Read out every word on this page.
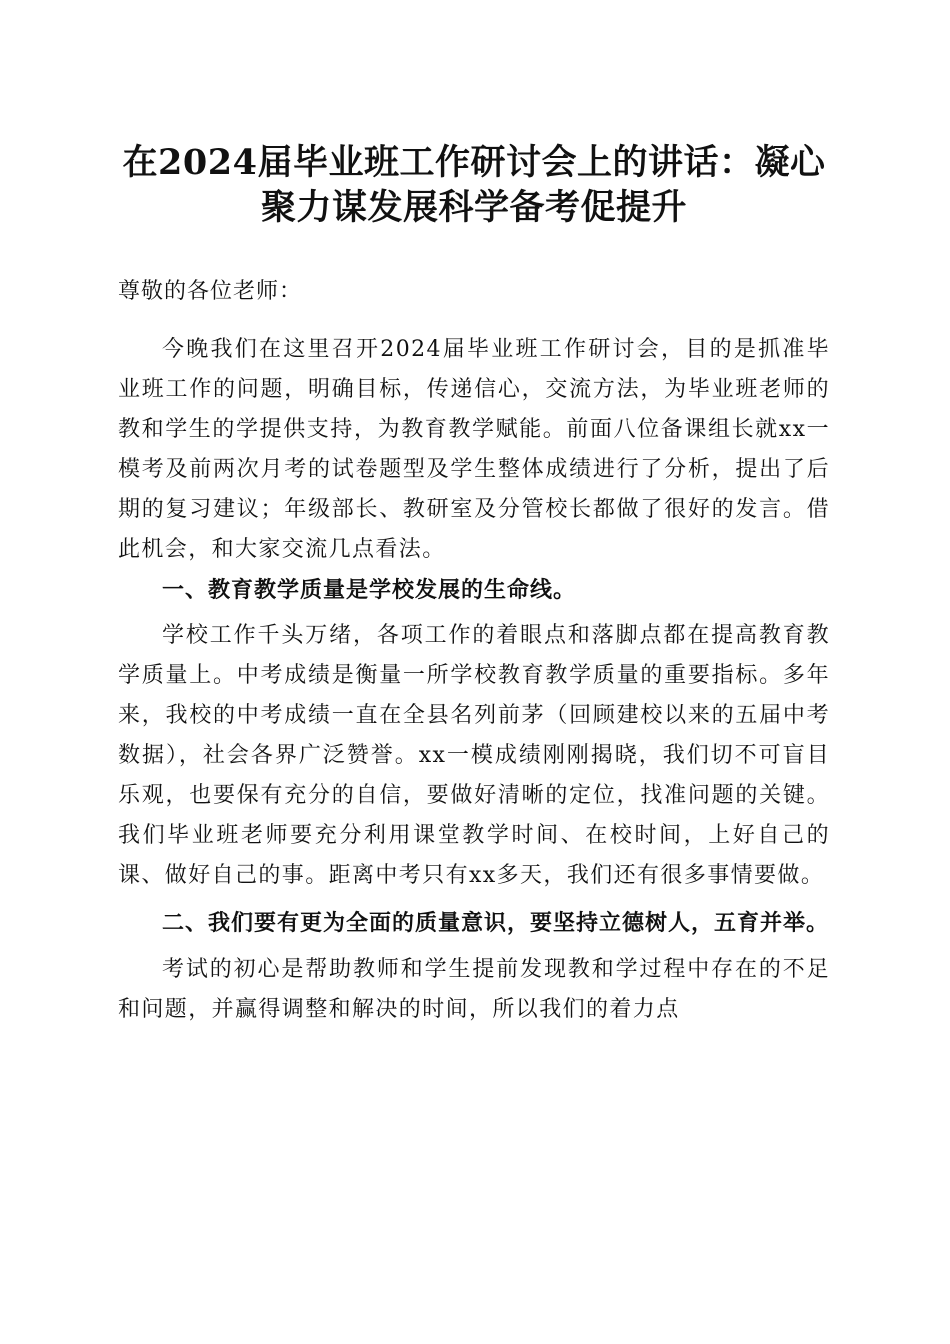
在2024届毕业班工作研讨会上的讲话：凝心
聚力谋发展科学备考促提升

尊敬的各位老师：

今晚我们在这里召开2024届毕业班工作研讨会，目的是抓准毕业班工作的问题，明确目标，传递信心，交流方法，为毕业班老师的教和学生的学提供支持，为教育教学赋能。前面八位备课组长就xx一模考及前两次月考的试卷题型及学生整体成绩进行了分析，提出了后期的复习建议；年级部长、教研室及分管校长都做了很好的发言。借此机会，和大家交流几点看法。

一、教育教学质量是学校发展的生命线。

学校工作千头万绪，各项工作的着眼点和落脚点都在提高教育教学质量上。中考成绩是衡量一所学校教育教学质量的重要指标。多年来，我校的中考成绩一直在全县名列前茅（回顾建校以来的五届中考数据），社会各界广泛赞誉。xx一模成绩刚刚揭晓，我们切不可盲目乐观，也要保有充分的自信，要做好清晰的定位，找准问题的关键。我们毕业班老师要充分利用课堂教学时间、在校时间，上好自己的课、做好自己的事。距离中考只有xx多天，我们还有很多事情要做。

二、我们要有更为全面的质量意识，要坚持立德树人，五育并举。

考试的初心是帮助教师和学生提前发现教和学过程中存在的不足和问题，并赢得调整和解决的时间，所以我们的着力点
